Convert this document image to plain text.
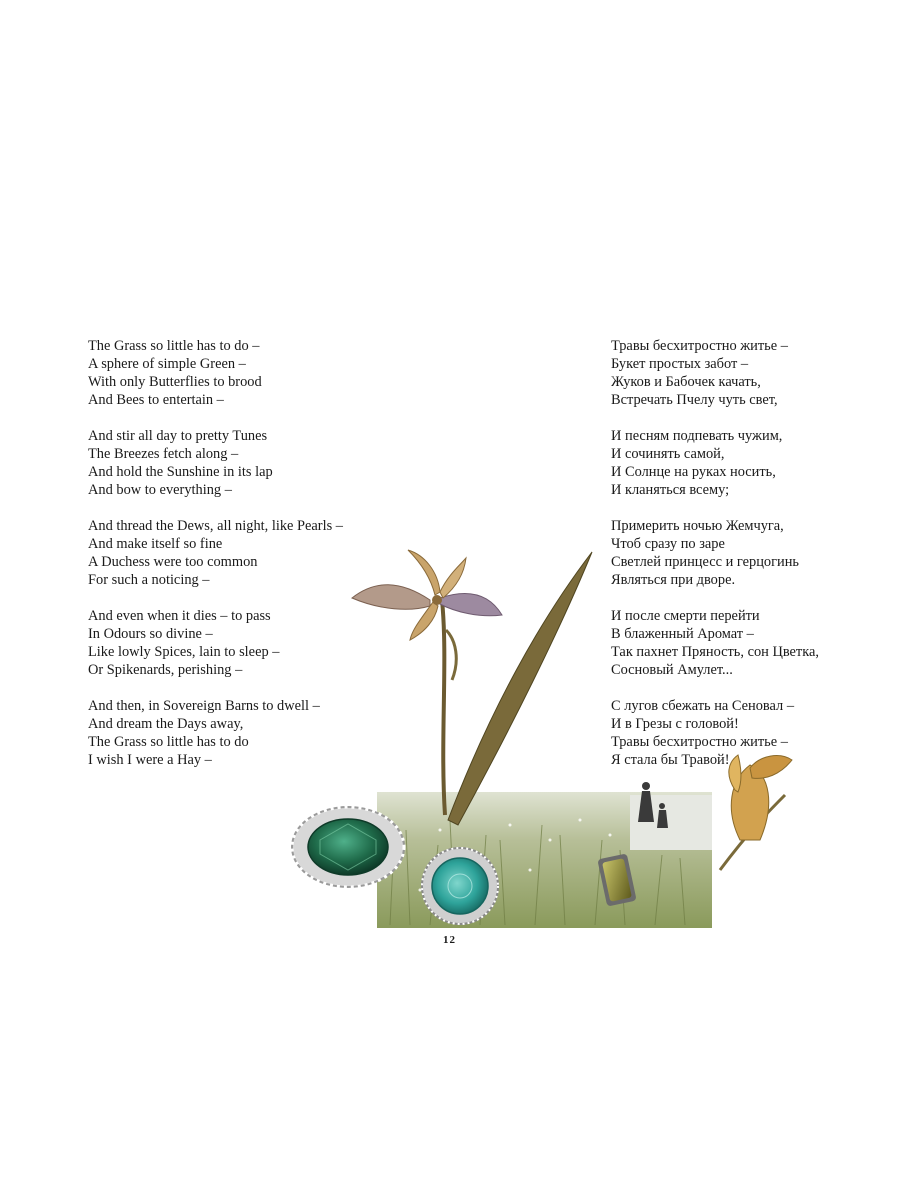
The Grass so little has to do –
A sphere of simple Green –
With only Butterflies to brood
And Bees to entertain –
And stir all day to pretty Tunes
The Breezes fetch along –
And hold the Sunshine in its lap
And bow to everything –
And thread the Dews, all night, like Pearls –
And make itself so fine
A Duchess were too common
For such a noticing –
And even when it dies – to pass
In Odours so divine –
Like lowly Spices, lain to sleep –
Or Spikenards, perishing –
And then, in Sovereign Barns to dwell –
And dream the Days away,
The Grass so little has to do
I wish I were a Hay –
Травы бесхитростно житье –
Букет простых забот –
Жуков и Бабочек качать,
Встречать Пчелу чуть свет,
И песням подпевать чужим,
И сочинять самой,
И Солнце на руках носить,
И кланяться всему;
Примерить ночью Жемчуга,
Чтоб сразу по заре
Светлей принцесс и герцогинь
Являться при дворе.
И после смерти перейти
В блаженный Аромат –
Так пахнет Пряность, сон Цветка,
Сосновый Амулет...
С лугов сбежать на Сеновал –
И в Грезы с головой!
Травы бесхитростно житье –
Я стала бы Травой!
12
